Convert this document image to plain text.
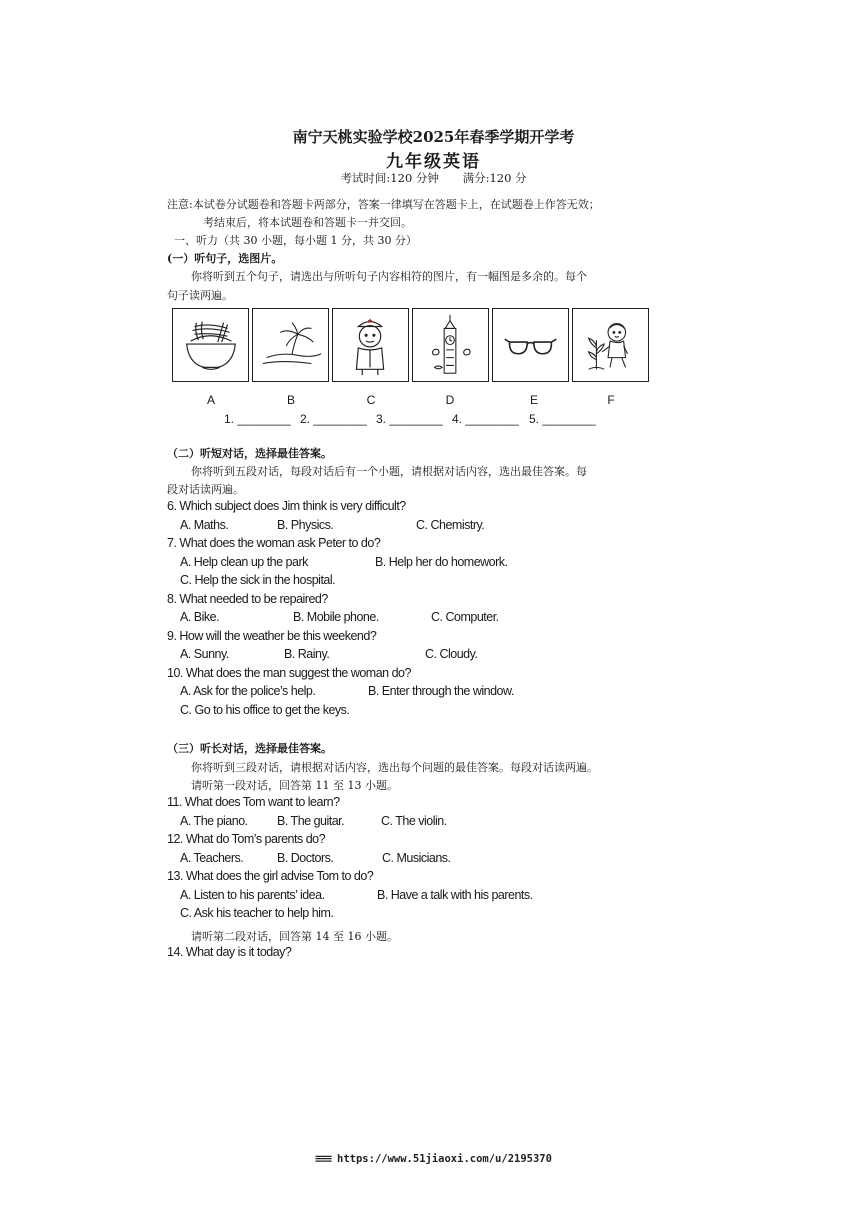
南宁天桃实验学校2025年春季学期开学考
九年级英语
考试时间:120 分钟 满分:120 分
注意:本试卷分试题卷和答题卡两部分，答案一律填写在答题卡上，在试题卷上作答无效；
考结束后，将本试题卷和答题卡一并交回。
一、听力（共 30 小题，每小题 1 分，共 30 分）
(一）听句子，选图片。
你将听到五个句子，请选出与所听句子内容相符的图片，有一幅图是多余的。每个
句子读两遍。
A	B	C	D	E	F
1. ________ 2. ________ 3. ________ 4. ________ 5. ________
（二）听短对话，选择最佳答案。
你将听到五段对话，每段对话后有一个小题，请根据对话内容，选出最佳答案。每
段对话读两遍。
6. Which subject does Jim think is very difficult?
A. Maths.	B. Physics.	C. Chemistry.
7. What does the woman ask Peter to do?
A. Help clean up the park	B. Help her do homework.
C. Help the sick in the hospital.
8. What needed to be repaired?
A. Bike.	B. Mobile phone.	C. Computer.
9. How will the weather be this weekend?
A. Sunny.	B. Rainy.	C. Cloudy.
10. What does the man suggest the woman do?
A. Ask for the police’s help.	B. Enter through the window.
C. Go to his office to get the keys.
（三）听长对话，选择最佳答案。
你将听到三段对话，请根据对话内容，选出每个问题的最佳答案。每段对话读两遍。
请听第一段对话，回答第 11 至 13 小题。
11. What does Tom want to learn?
A. The piano. B. The guitar.	C. The violin.
12. What do Tom’s parents do?
A. Teachers.	B. Doctors.	C. Musicians.
13. What does the girl advise Tom to do?
A. Listen to his parents’ idea.	B. Have a talk with his parents.
C. Ask his teacher to help him.
请听第二段对话，回答第 14 至 16 小题。
14. What day is it today?
≡≡≡ https://www.51jiaoxi.com/u/2195370
